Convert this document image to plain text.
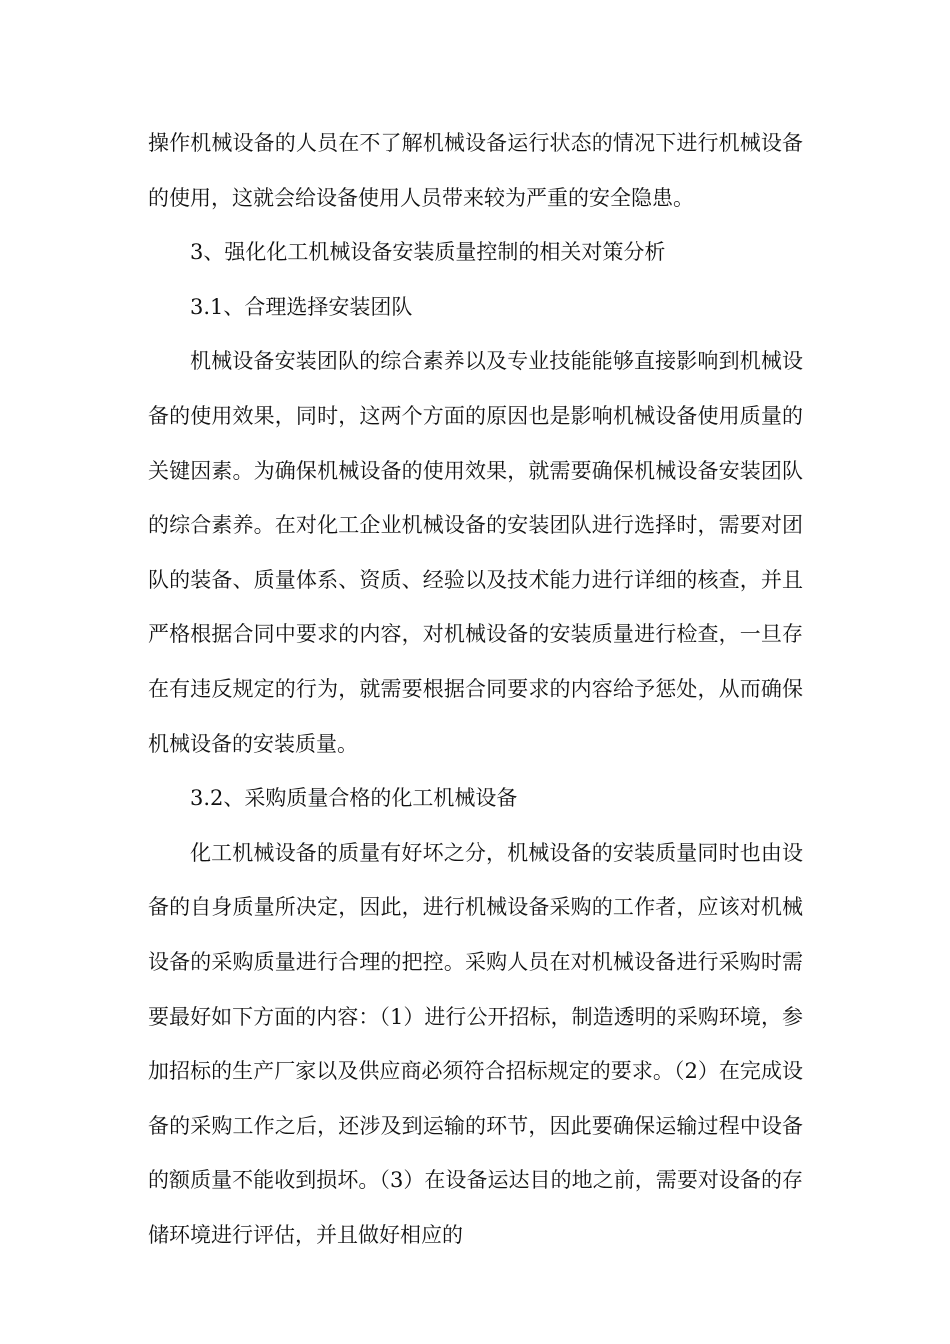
操作机械设备的人员在不了解机械设备运行状态的情况下进行机械设备的使用，这就会给设备使用人员带来较为严重的安全隐患。

3、强化化工机械设备安装质量控制的相关对策分析

3.1、合理选择安装团队

机械设备安装团队的综合素养以及专业技能能够直接影响到机械设备的使用效果，同时，这两个方面的原因也是影响机械设备使用质量的关键因素。为确保机械设备的使用效果，就需要确保机械设备安装团队的综合素养。在对化工企业机械设备的安装团队进行选择时，需要对团队的装备、质量体系、资质、经验以及技术能力进行详细的核查，并且严格根据合同中要求的内容，对机械设备的安装质量进行检查，一旦存在有违反规定的行为，就需要根据合同要求的内容给予惩处，从而确保机械设备的安装质量。

3.2、采购质量合格的化工机械设备

化工机械设备的质量有好坏之分，机械设备的安装质量同时也由设备的自身质量所决定，因此，进行机械设备采购的工作者，应该对机械设备的采购质量进行合理的把控。采购人员在对机械设备进行采购时需要最好如下方面的内容：（1）进行公开招标，制造透明的采购环境，参加招标的生产厂家以及供应商必须符合招标规定的要求。（2）在完成设备的采购工作之后，还涉及到运输的环节，因此要确保运输过程中设备的额质量不能收到损坏。（3）在设备运达目的地之前，需要对设备的存储环境进行评估，并且做好相应的
